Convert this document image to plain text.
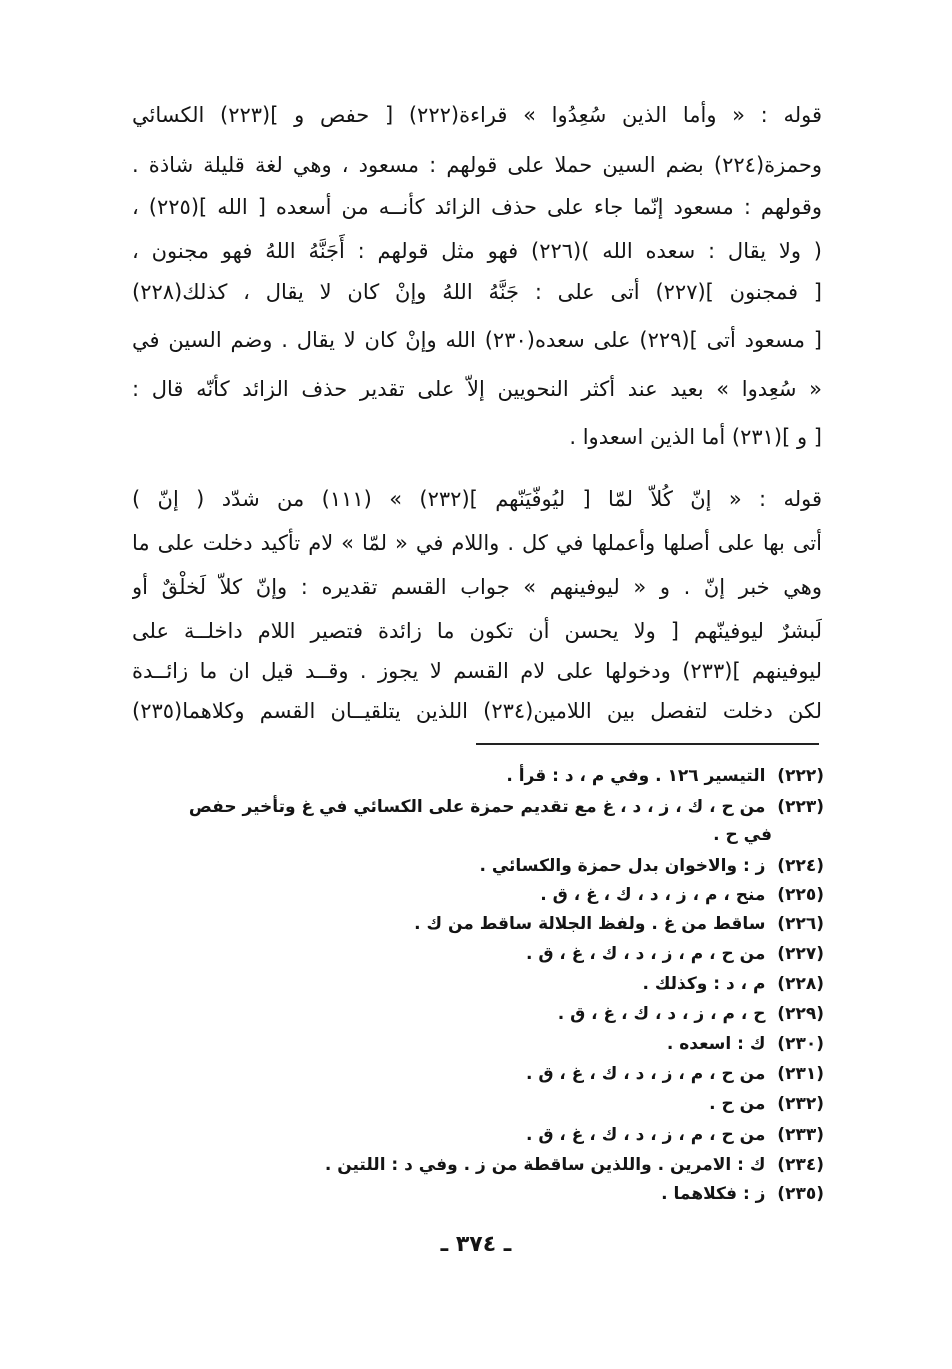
قوله : « وأما الذين سُعِدُوا » قراءة(٢٢٢) [ حفص و ](٢٢٣) الكسائي
وحمزة(٢٢٤) بضم السين حملا على قولهم : مسعود ، وهي لغة قليلة شاذة .
وقولهم : مسعود إنّما جاء على حذف الزائد كأنــه من أسعده [ الله ](٢٢٥) ،
( ولا يقال : سعده الله )(٢٢٦) فهو مثل قولهم : أَجَنَّهُ اللهُ فهو مجنون ،
[ فمجنون ](٢٢٧) أتى على : جَنَّهُ اللهُ وإنْ كان لا يقال ، كذلك(٢٢٨)
[ مسعود أتى ](٢٢٩) على سعده(٢٣٠) الله وإنْ كان لا يقال . وضم السين في
« سُعِدوا » بعيد عند أكثر النحويين إلاّ على تقدير حذف الزائد كأنّه قال :
[ و ](٢٣١) أما الذين اسعدوا .
قوله : « إنّ كُلاّ لمّا [ ليُوفّيَنّهم ](٢٣٢) » (١١١) من شدّد ( إنّ )
أتى بها على أصلها وأعملها في كل . واللام في « لمّا » لام تأكيد دخلت على ما
وهي خبر إنّ . و « ليوفينهم » جواب القسم تقديره : وإنّ كلاّ لَخلْقٌ أو
لَبشرٌ ليوفينّهم [ ولا يحسن أن تكون ما زائدة فتصير اللام داخلــة على
ليوفينهم ](٢٣٣) ودخولها على لام القسم لا يجوز . وقــد قيل ان ما زائــدة
لكن دخلت لتفصل بين اللامين(٢٣٤) اللذين يتلقيــان القسم وكلاهما(٢٣٥)
(٢٢٢)  التيسير ١٢٦ . وفي م ، د : قرأ .
(٢٢٣)  من ح ، ك ، ز ، د ، غ مع تقديم حمزة على الكسائي في غ وتأخير حفص
في ح .
(٢٢٤)  ز : والاخوان بدل حمزة والكسائي .
(٢٢٥)  منح ، م ، ز ، د ، ك ، غ ، ق .
(٢٢٦)  ساقط من غ . ولفظ الجلالة ساقط من ك .
(٢٢٧)  من ح ، م ، ز ، د ، ك ، غ ، ق .
(٢٢٨)  م ، د : وكذلك .
(٢٢٩)  ح ، م ، ز ، د ، ك ، غ ، ق .
(٢٣٠)  ك : اسعده .
(٢٣١)  من ح ، م ، ز ، د ، ك ، غ ، ق .
(٢٣٢)  من ح .
(٢٣٣)  من ح ، م ، ز ، د ، ك ، غ ، ق .
(٢٣٤)  ك : الامرين . واللذين ساقطة من ز . وفي د : اللتين .
(٢٣٥)  ز : فكلاهما .
ـ ٣٧٤ ـ
